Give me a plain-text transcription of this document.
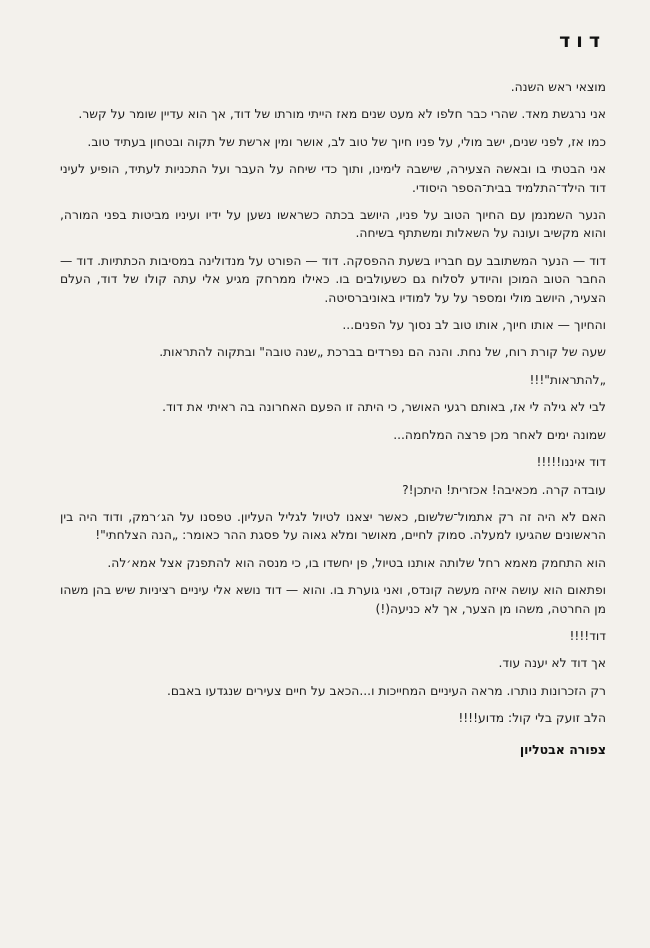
דוד

מוצאי ראש השנה.

אני נרגשת מאד. שהרי כבר חלפו לא מעט שנים מאז הייתי מורתו של דוד, אך הוא עדיין שומר על קשר.

כמו אז, לפני שנים, ישב מולי, על פניו חיוך של טוב לב, אושר ומין ארשת של תקוה ובטחון בעתיד טוב.

אני הבטתי בו ובאשה הצעירה, שישבה לימינו, ותוך כדי שיחה על העבר ועל התכניות לעתיד, הופיע לעיני דוד הילד־התלמיד בבית־הספר היסודי.

הנער השמנמן עם החיוך הטוב על פניו, היושב בכתה כשראשו נשען על ידיו ועיניו מביטות בפני המורה, והוא מקשיב ועונה על השאלות ומשתתף בשיחה.

דוד — הנער המשתובב עם חבריו בשעת ההפסקה. דוד — הפורט על מנדולינה במסיבות הכתתיות. דוד — החבר הטוב המוכן והיודע לסלוח גם כשעולבים בו. כאילו ממרחק מגיע אלי עתה קולו של דוד, העלם הצעיר, היושב מולי ומספר על על למודיו באוניברסיטה.

והחיוך — אותו חיוך, אותו טוב לב נסוך על הפנים...

שעה של קורת רוח, של נחת. והנה הם נפרדים בברכת „שנה טובה" ובתקוה להתראות.

„להתראות"!!!

לבי לא גילה לי אז, באותם רגעי האושר, כי היתה זו הפעם האחרונה בה ראיתי את דוד.

שמונה ימים לאחר מכן פרצה המלחמה...

דוד איננו!!!!!

עובדה קרה. מכאיבה! אכזרית! היתכן!?

האם לא היה זה רק אתמול־שלשום, כאשר יצאנו לטיול לגליל העליון. טפסנו על הג׳רמק, ודוד היה בין הראשונים שהגיעו למעלה. סמוק לחיים, מאושר ומלא גאוה על פסגת ההר כאומר: „הנה הצלחתי"!

הוא התחמק מאמא רחל שלותה אותנו בטיול, פן יחשדו בו, כי מנסה הוא להתפנק אצל אמא׳לה.

ופתאום הוא עושה איזה מעשה קונדס, ואני גוערת בו. והוא — דוד נושא אלי עיניים רציניות שיש בהן משהו מן החרטה, משהו מן הצער, אך לא כניעה(!)

דוד!!!!

אך דוד לא יענה עוד.

רק הזכרונות נותרו. מראה העיניים המחייכות ו...הכאב על חיים צעירים שנגדעו באבם.

הלב זועק בלי קול: מדוע!!!!

צפורה אבטליון
